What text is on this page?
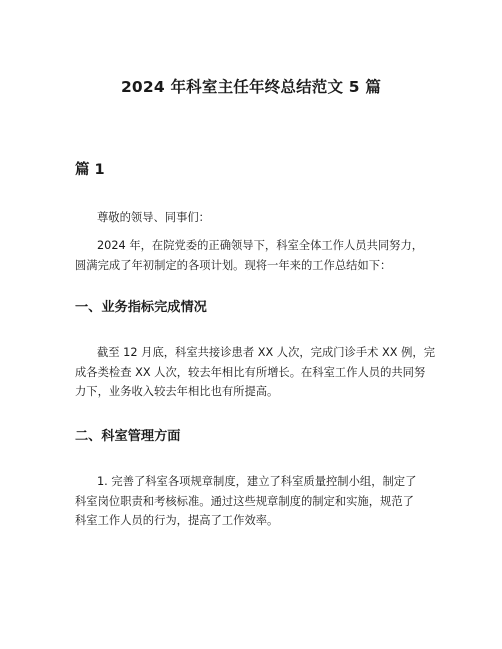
2024 年科室主任年终总结范文 5 篇
篇 1

尊敬的领导、同事们：

2024 年，在院党委的正确领导下，科室全体工作人员共同努力，
圆满完成了年初制定的各项计划。现将一年来的工作总结如下：

一、业务指标完成情况

截至 12 月底，科室共接诊患者 XX 人次，完成门诊手术 XX 例，完
成各类检查 XX 人次，较去年相比有所增长。在科室工作人员的共同努
力下，业务收入较去年相比也有所提高。

二、科室管理方面

1. 完善了科室各项规章制度，建立了科室质量控制小组，制定了
科室岗位职责和考核标准。通过这些规章制度的制定和实施，规范了
科室工作人员的行为，提高了工作效率。
